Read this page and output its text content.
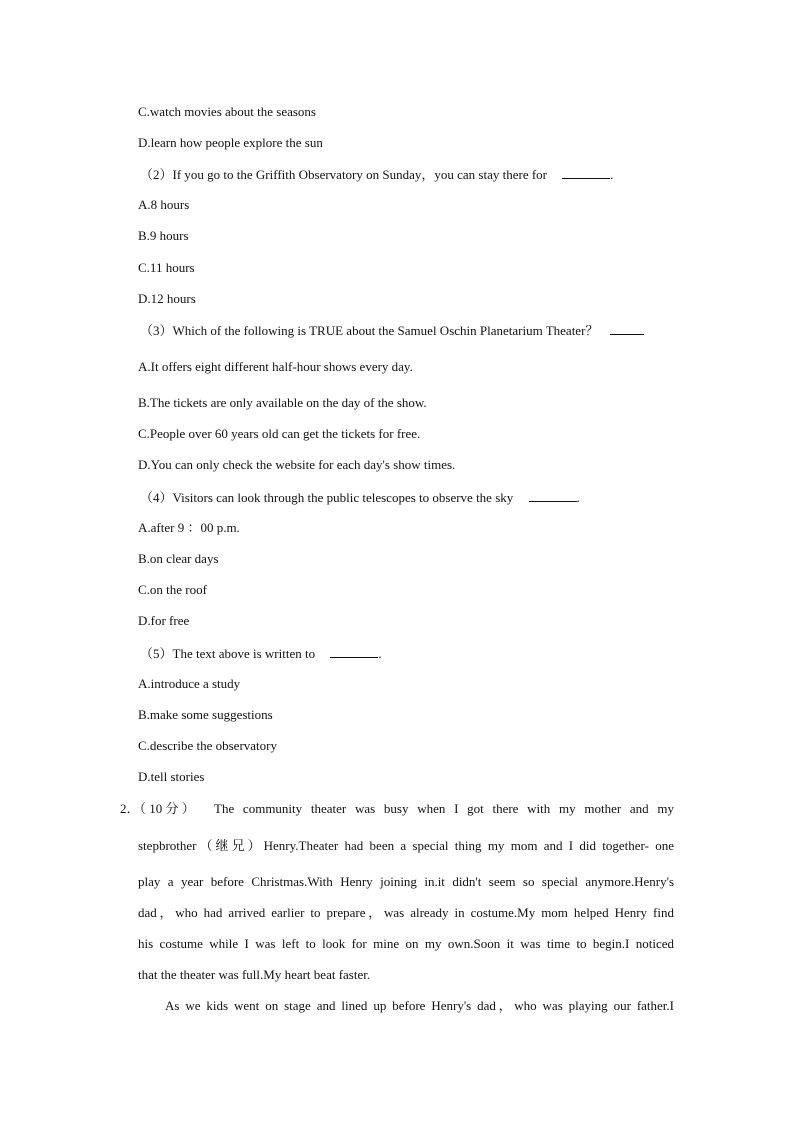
C.watch movies about the seasons
D.learn how people explore the sun
（2）If you go to the Griffith Observatory on Sunday，you can stay there for	.
A.8 hours
B.9 hours
C.11 hours
D.12 hours
（3）Which of the following is TRUE about the Samuel Oschin Planetarium Theater？
A.It offers eight different half-hour shows every day.
B.The tickets are only available on the day of the show.
C.People over 60 years old can get the tickets for free.
D.You can only check the website for each day's show times.
（4）Visitors can look through the public telescopes to observe the sky	.
A.after 9 ：00 p.m.
B.on clear days
C.on the roof
D.for free
（5）The text above is written to	.
A.introduce a study
B.make some suggestions
C.describe the observatory
D.tell stories
2．（ 10 分 ） The community theater was busy when I got there with my mother and my
stepbrother（继兄）Henry.Theater had been a special thing my mom and I did together- one
play a year before Christmas.With Henry joining in.it didn't seem so special anymore.Henry's
dad，who had arrived earlier to prepare，was already in costume.My mom helped Henry find
his costume while I was left to look for mine on my own.Soon it was time to begin.I noticed
that the theater was full.My heart beat faster.
As we kids went on stage and lined up before Henry's dad，who was playing our father.I
